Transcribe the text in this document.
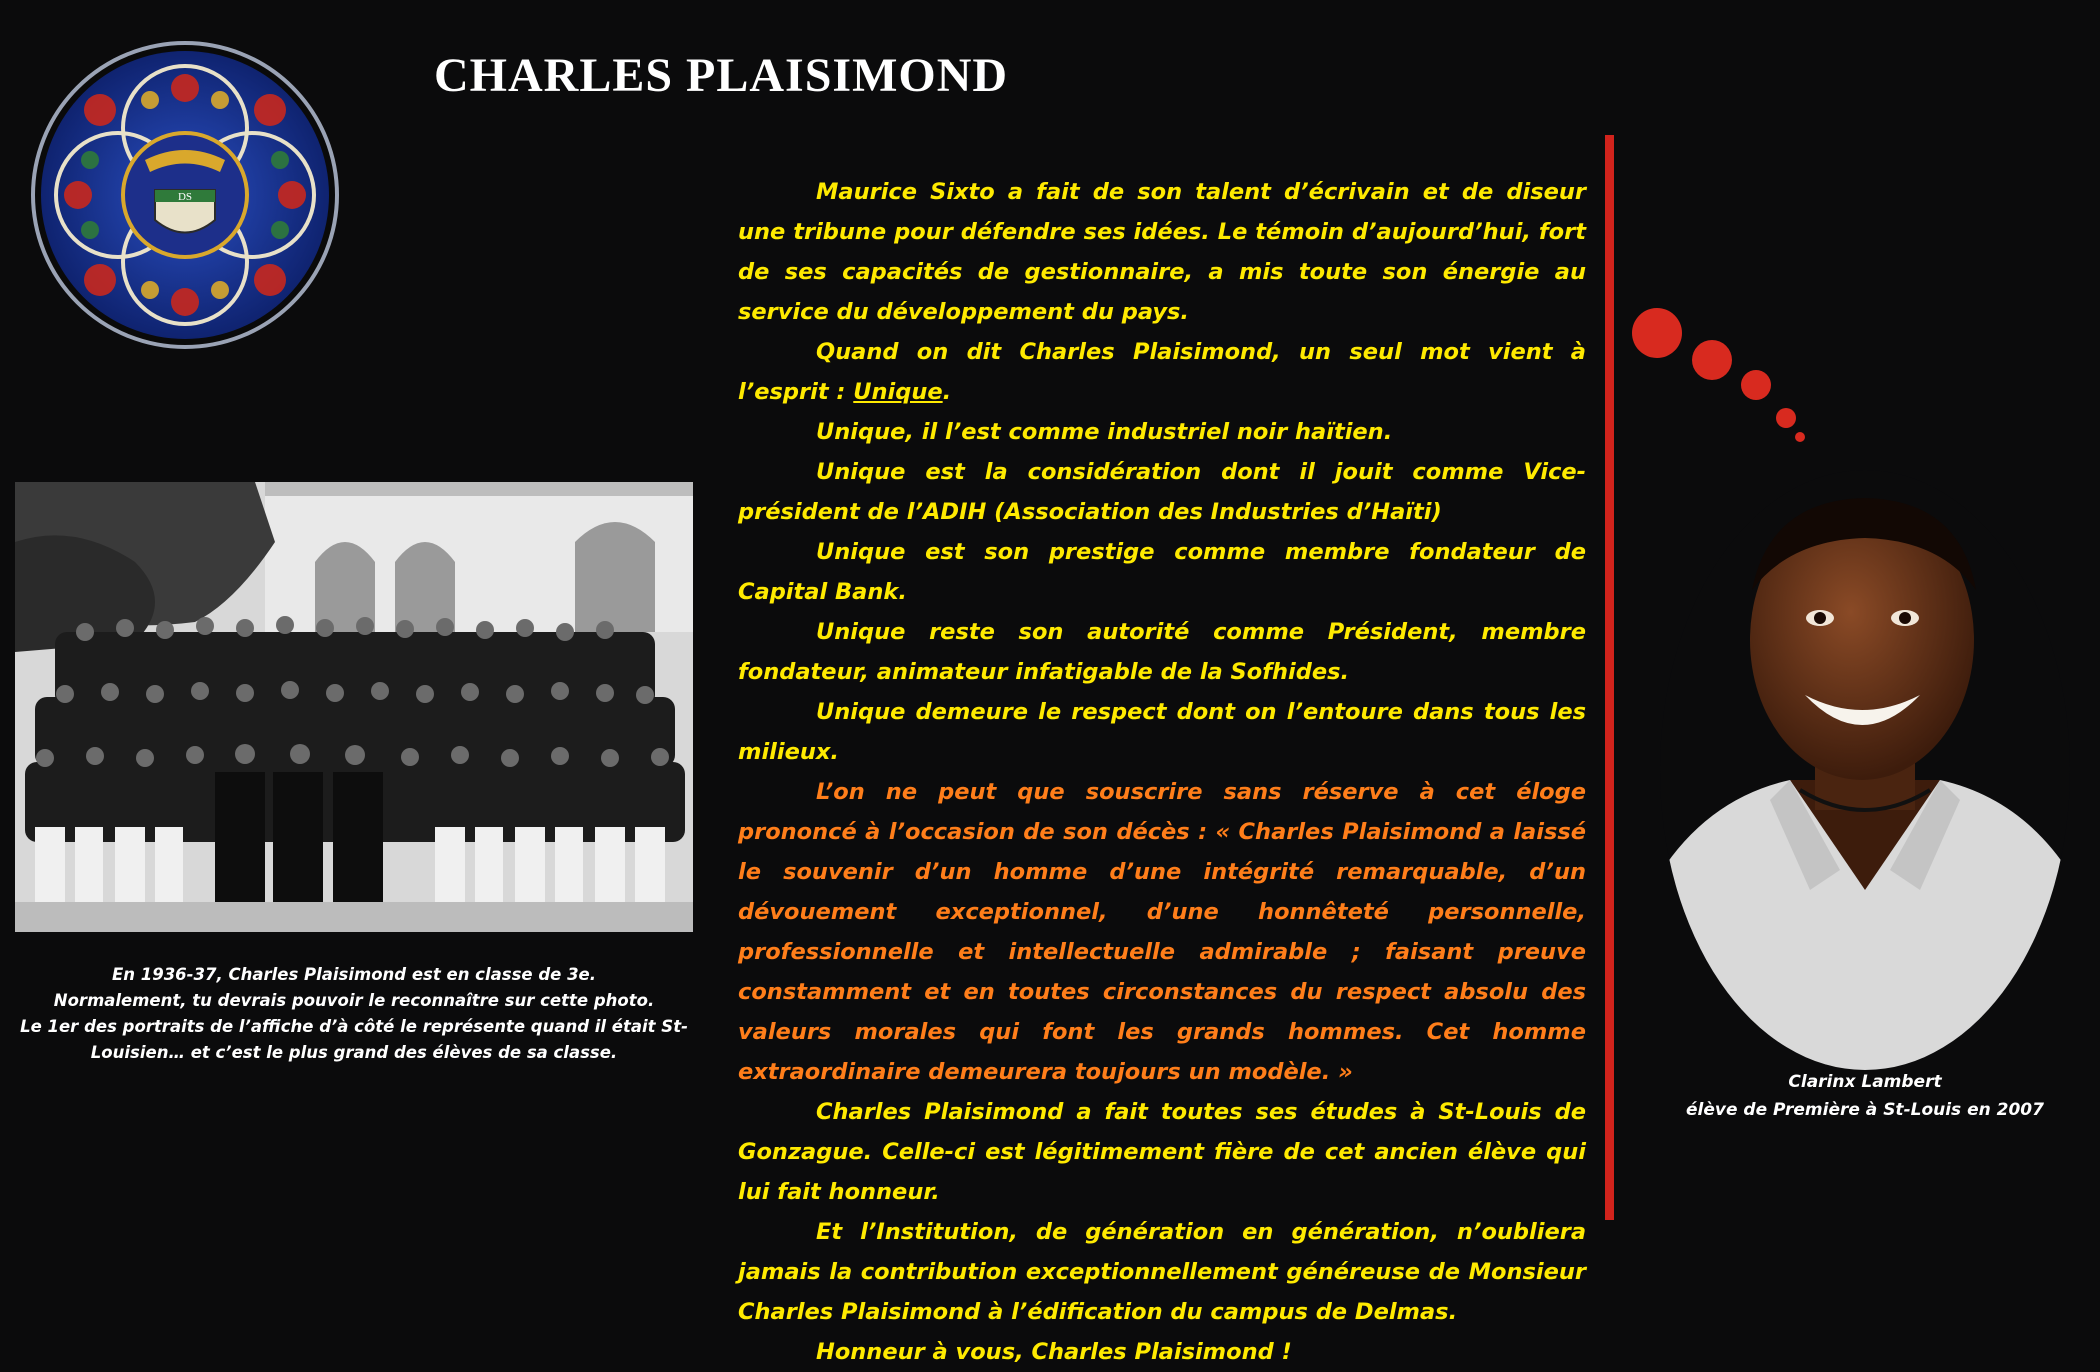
CHARLES PLAISIMOND
DS
En 1936-37, Charles Plaisimond est en classe de 3e.
Normalement, tu devrais pouvoir le reconnaître sur cette photo.
Le 1er des portraits de l’affiche d’à côté le représente quand il était St-
Louisien… et c’est le plus grand des élèves de sa classe.

Maurice Sixto a fait de son talent d’écrivain et de diseur une tribune pour défendre ses idées. Le témoin d’aujourd’hui, fort de ses capacités de gestionnaire, a mis toute son énergie au service du développement du pays.

Quand on dit Charles Plaisimond, un seul mot vient à l’esprit : Unique.

Unique, il l’est comme industriel noir haïtien.

Unique est la considération dont il jouit comme Vice-président de l’ADIH (Association des Industries d’Haïti)

Unique est son prestige comme membre fondateur de Capital Bank.

Unique reste son autorité comme Président, membre fondateur, animateur infatigable de la Sofhides.

Unique demeure le respect dont on l’entoure dans tous les milieux.

L’on ne peut que souscrire sans réserve à cet éloge prononcé à l’occasion de son décès : « Charles Plaisimond a laissé le souvenir d’un homme d’une intégrité remarquable, d’un dévouement exceptionnel, d’une honnêteté personnelle, professionnelle et intellectuelle admirable ; faisant preuve constamment et en toutes circonstances du respect absolu des valeurs morales qui font les grands hommes. Cet homme extraordinaire demeurera toujours un modèle. »

Charles Plaisimond a fait toutes ses études à St-Louis de Gonzague. Celle-ci est légitimement fière de cet ancien élève qui lui fait honneur.

Et l’Institution, de génération en génération, n’oubliera jamais la contribution exceptionnellement généreuse de Monsieur Charles Plaisimond à l’édification du campus de Delmas.

Honneur à vous, Charles Plaisimond !

Clarinx Lambert
élève de Première à St-Louis en 2007
